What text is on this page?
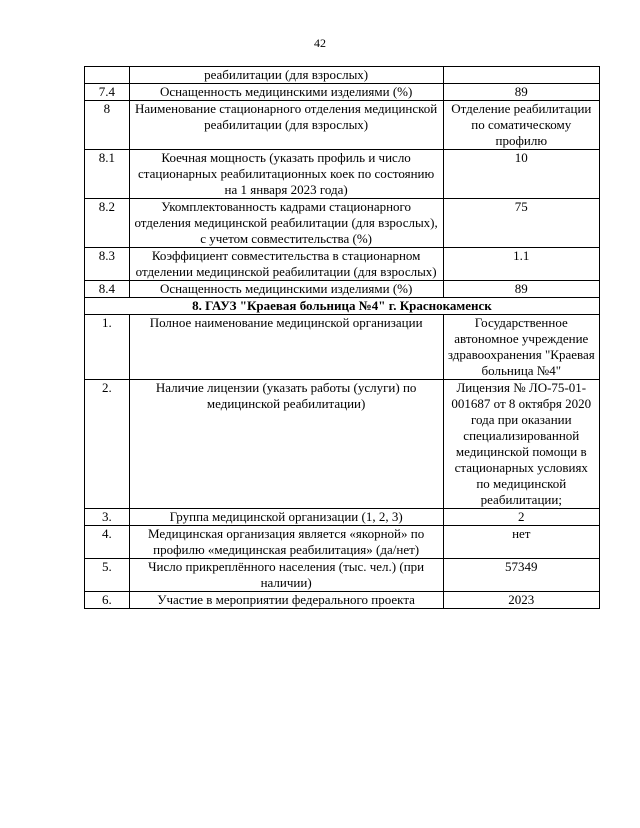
42
	реабилитации (для взрослых)	
7.4	Оснащенность медицинскими изделиями (%)	89
8	Наименование стационарного отделения медицинской реабилитации (для взрослых)	Отделение реабилитации по соматическому профилю
8.1	Коечная мощность (указать профиль и число стационарных реабилитационных коек по состоянию на 1 января 2023 года)	10
8.2	Укомплектованность кадрами стационарного отделения медицинской реабилитации (для взрослых), с учетом совместительства (%)	75
8.3	Коэффициент совместительства в стационарном отделении медицинской реабилитации (для взрослых)	1.1
8.4	Оснащенность медицинскими изделиями (%)	89
8. ГАУЗ "Краевая больница №4" г. Краснокаменск		
1.	Полное наименование медицинской организации	Государственное автономное учреждение здравоохранения "Краевая больница №4"
2.	Наличие лицензии (указать работы (услуги) по медицинской реабилитации)	Лицензия № ЛО-75-01-001687 от 8 октября 2020 года при оказании специализированной медицинской помощи в стационарных условиях по медицинской реабилитации;
3.	Группа медицинской организации (1, 2, 3)	2
4.	Медицинская организация является «якорной» по профилю «медицинская реабилитация» (да/нет)	нет
5.	Число прикреплённого населения (тыс. чел.) (при наличии)	57349
6.	Участие в мероприятии федерального проекта	2023
